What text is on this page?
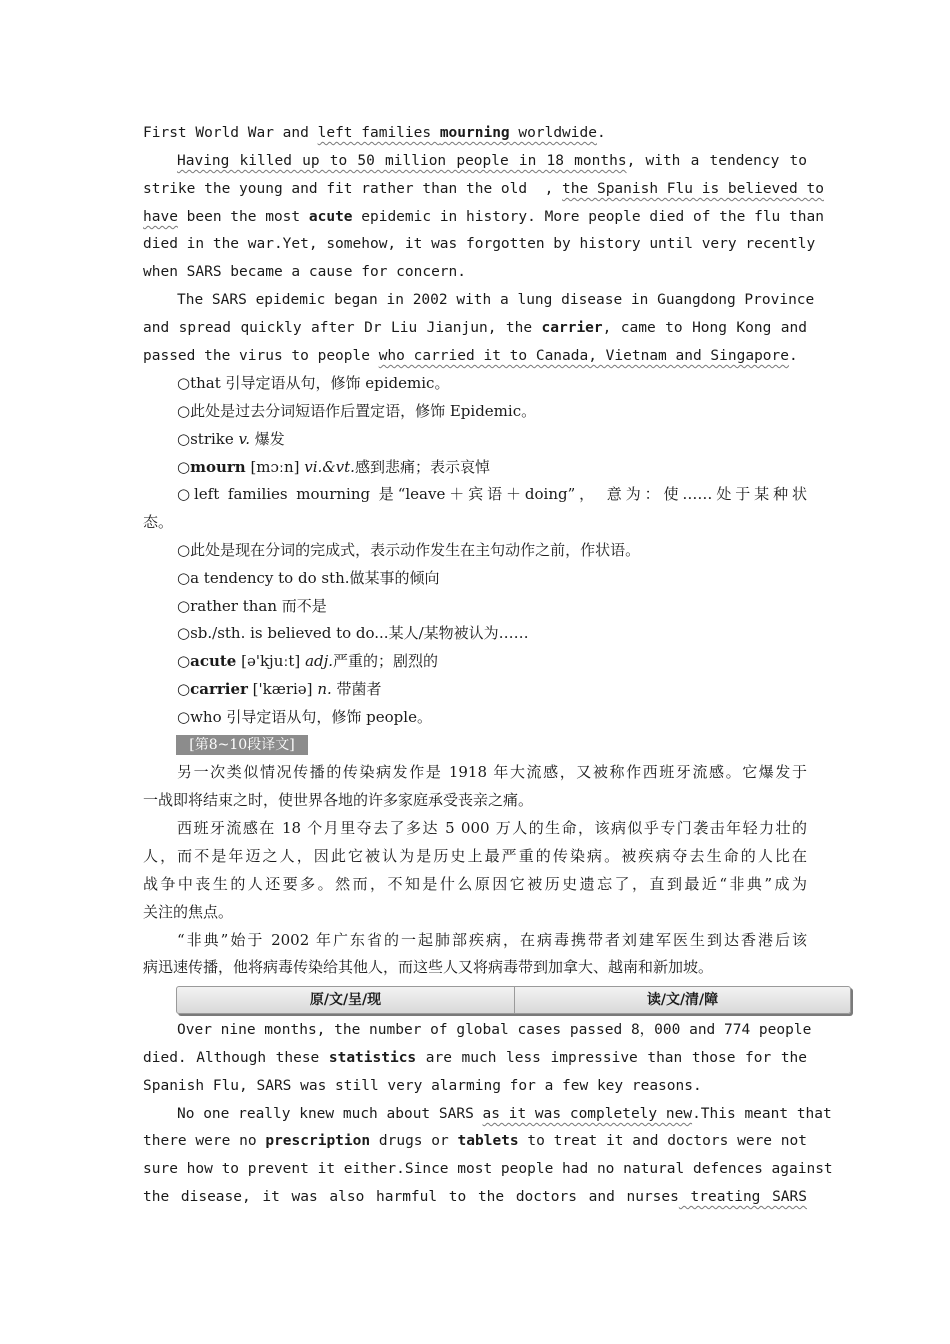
First World War and left families mourning worldwide.
Having killed up to 50 million people in 18 months, with a tendency to
strike the young and fit rather than the old  , the Spanish Flu is believed to
have been the most acute epidemic in history. More people died of the flu than
died in the war.Yet, somehow, it was forgotten by history until very recently
when SARS became a cause for concern.
The SARS epidemic began in 2002 with a lung disease in Guangdong Province
and spread quickly after Dr Liu Jianjun, the carrier, came to Hong Kong and
passed the virus to people who carried it to Canada, Vietnam and Singapore.
○that 引导定语从句，修饰 epidemic。
○此处是过去分词短语作后置定语，修饰 Epidemic。
○strike v. 爆发
○mourn [mɔːn] vi.&vt.感到悲痛；表示哀悼
○left families mourning 是“leave＋宾语＋doing”， 意为：使……处于某种状
态。
○此处是现在分词的完成式，表示动作发生在主句动作之前，作状语。
○a tendency to do sth.做某事的倾向
○rather than 而不是
○sb./sth. is believed to do...某人/某物被认为……
○acute [ə'kjuːt] adj.严重的；剧烈的
○carrier ['kæriə] n. 带菌者
○who 引导定语从句，修饰 people。
[第8~10段译文]
另一次类似情况传播的传染病发作是 1918 年大流感，又被称作西班牙流感。它爆发于
一战即将结束之时，使世界各地的许多家庭承受丧亲之痛。
西班牙流感在 18 个月里夺去了多达 5 000 万人的生命，该病似乎专门袭击年轻力壮的
人，而不是年迈之人，因此它被认为是历史上最严重的传染病。被疾病夺去生命的人比在
战争中丧生的人还要多。然而，不知是什么原因它被历史遗忘了，直到最近“非典”成为
关注的焦点。
“非典”始于 2002 年广东省的一起肺部疾病，在病毒携带者刘建军医生到达香港后该
病迅速传播，他将病毒传染给其他人，而这些人又将病毒带到加拿大、越南和新加坡。
原/文/呈/现	读/文/清/障
Over nine months, the number of global cases passed 8，000 and 774 people
died. Although these statistics are much less impressive than those for the
Spanish Flu, SARS was still very alarming for a few key reasons.
No one really knew much about SARS as it was completely new.This meant that
there were no prescription drugs or tablets to treat it and doctors were not
sure how to prevent it either.Since most people had no natural defences against
the disease, it was also harmful to the doctors and nurses treating SARS
